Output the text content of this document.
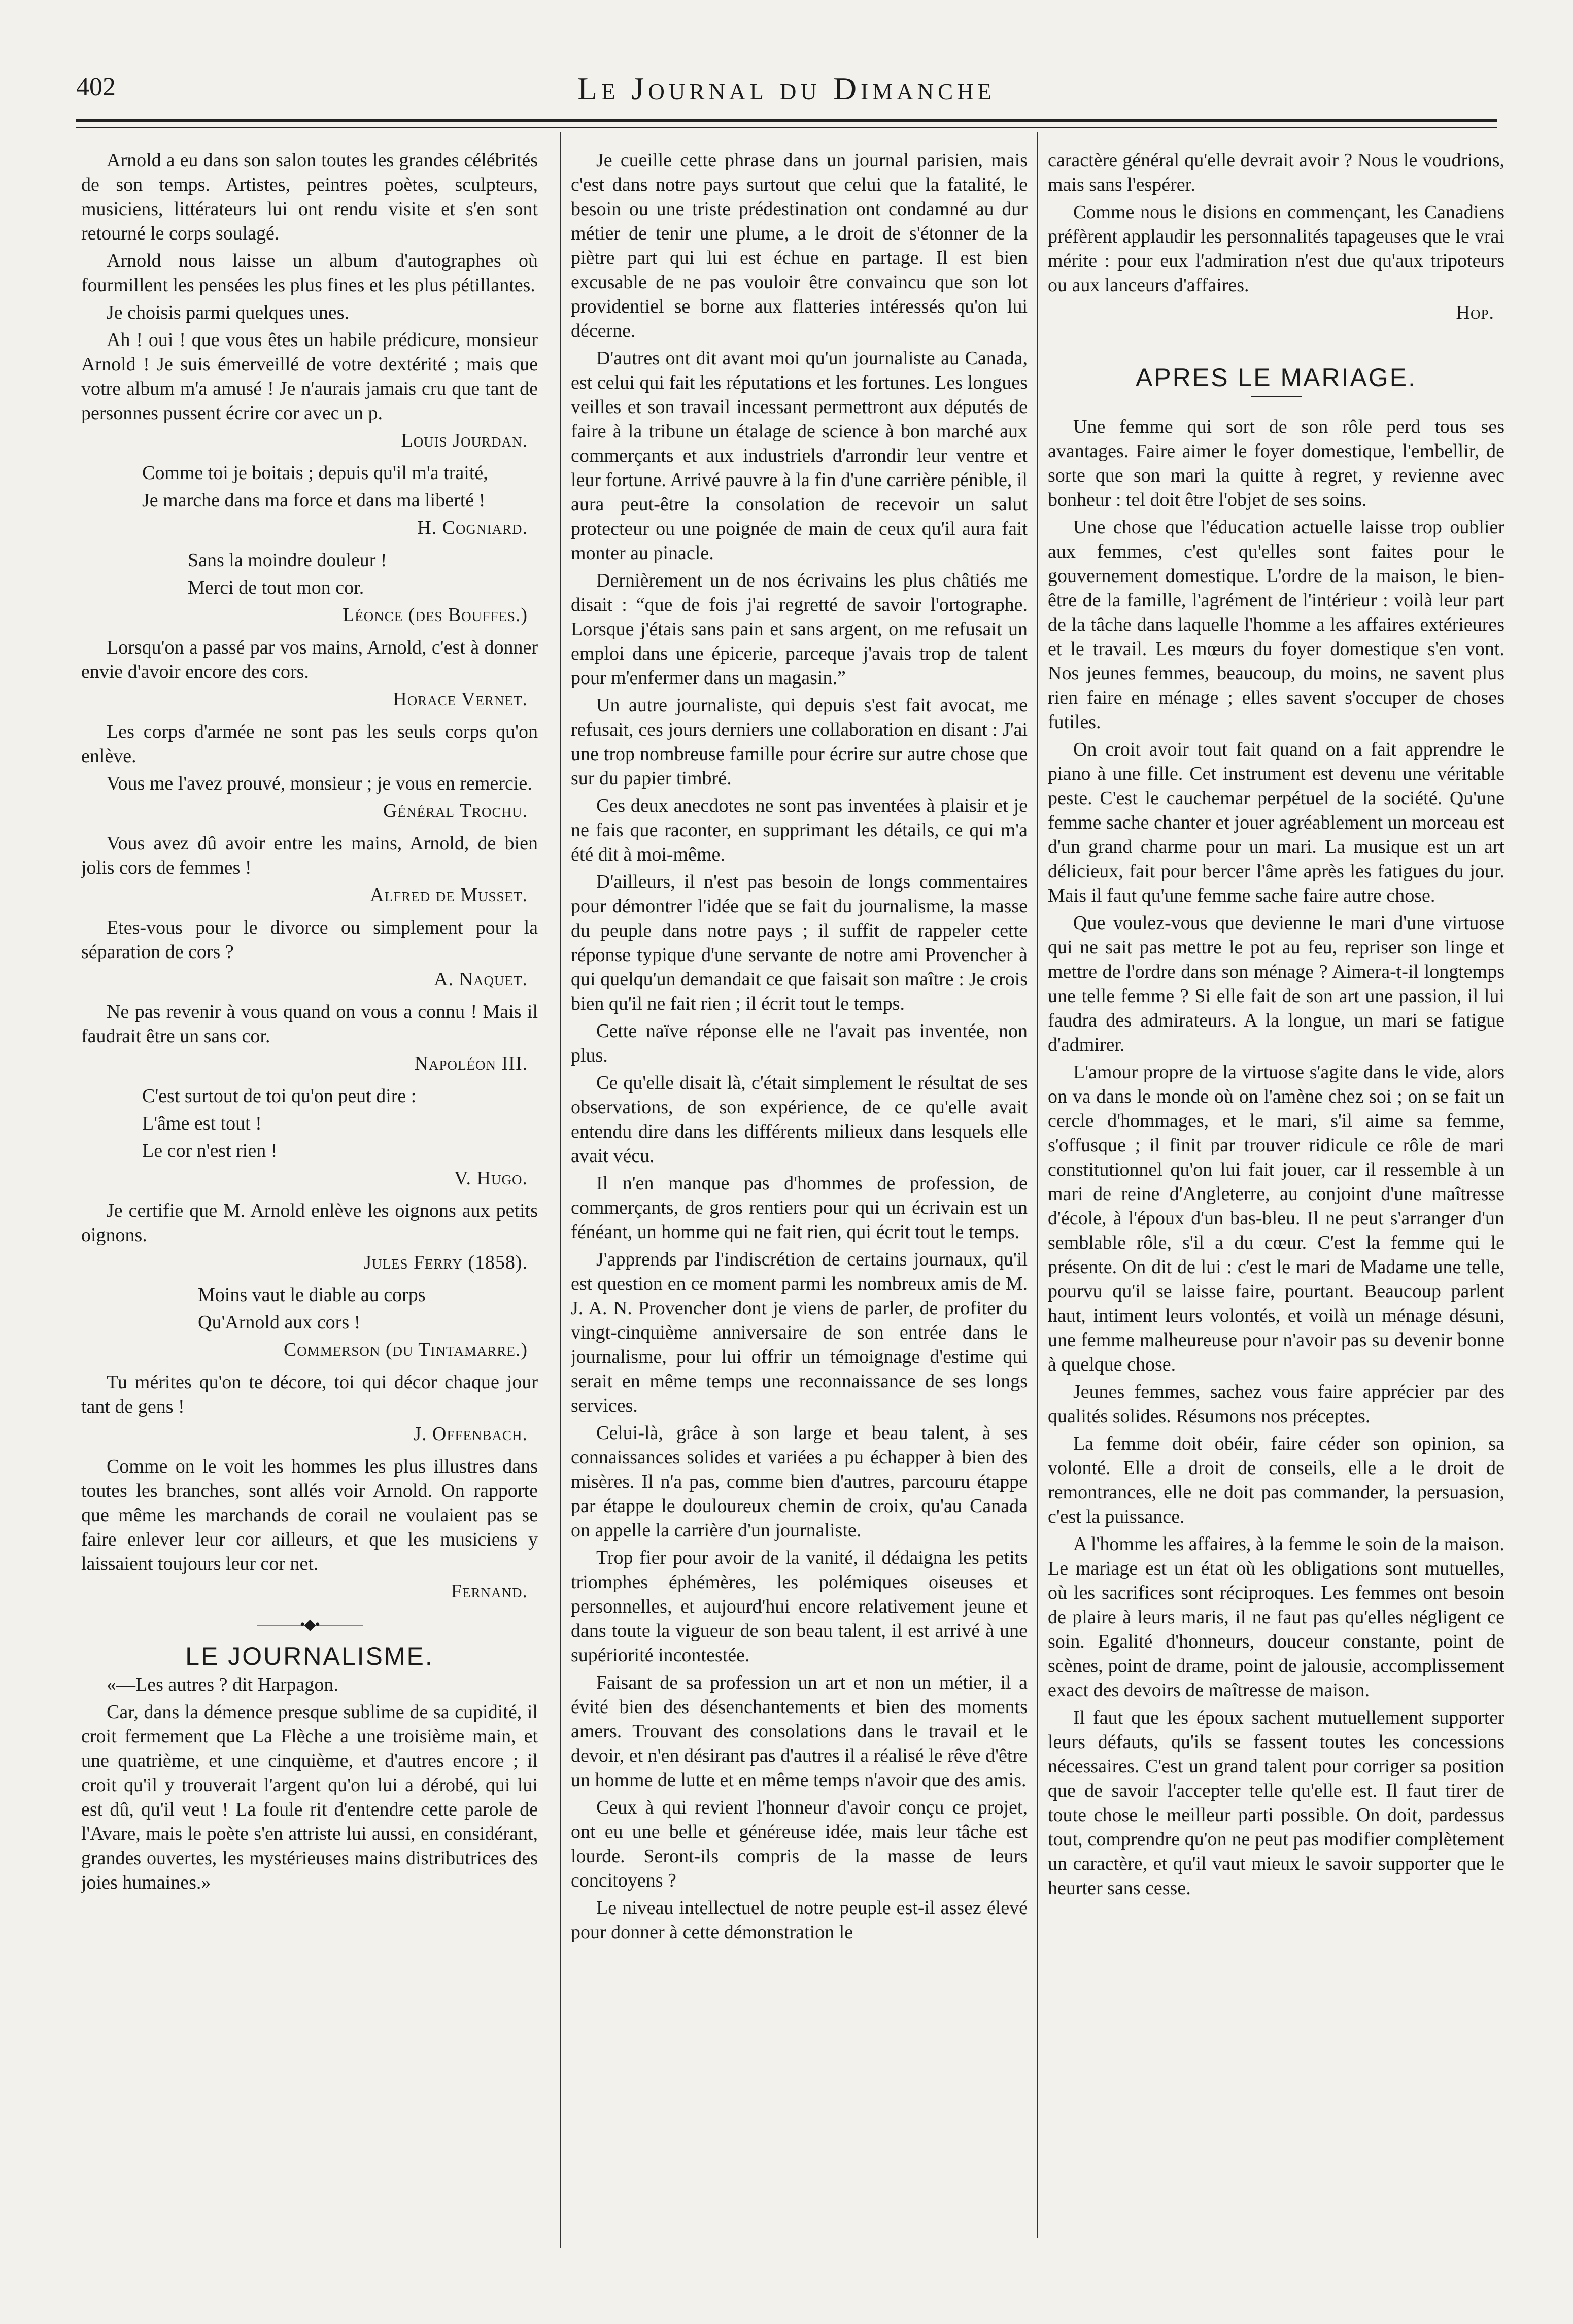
402	Le Journal du Dimanche

Arnold a eu dans son salon toutes les grandes célébrités de son temps. Artistes, peintres poètes, sculpteurs, musiciens, littérateurs lui ont rendu visite et s'en sont retourné le corps soulagé.

Arnold nous laisse un album d'autographes où fourmillent les pensées les plus fines et les plus pétillantes.

Je choisis parmi quelques unes.

Ah ! oui ! que vous êtes un habile prédicure, monsieur Arnold ! Je suis émerveillé de votre dextérité ; mais que votre album m'a amusé ! Je n'aurais jamais cru que tant de personnes pussent écrire cor avec un p.

Louis Jourdan.

Comme toi je boitais ; depuis qu'il m'a traité,

Je marche dans ma force et dans ma liberté !

H. Cogniard.

Sans la moindre douleur !

Merci de tout mon cor.

Léonce (des Bouffes.)

Lorsqu'on a passé par vos mains, Arnold, c'est à donner envie d'avoir encore des cors.

Horace Vernet.

Les corps d'armée ne sont pas les seuls corps qu'on enlève.

Vous me l'avez prouvé, monsieur ; je vous en remercie.

Général Trochu.

Vous avez dû avoir entre les mains, Arnold, de bien jolis cors de femmes !

Alfred de Musset.

Etes-vous pour le divorce ou simplement pour la séparation de cors ?

A. Naquet.

Ne pas revenir à vous quand on vous a connu ! Mais il faudrait être un sans cor.

Napoléon III.

C'est surtout de toi qu'on peut dire :

L'âme est tout !

Le cor n'est rien !

V. Hugo.

Je certifie que M. Arnold enlève les oignons aux petits oignons.

Jules Ferry (1858).

Moins vaut le diable au corps

Qu'Arnold aux cors !

Commerson (du Tintamarre.)

Tu mérites qu'on te décore, toi qui décor chaque jour tant de gens !

J. Offenbach.

Comme on le voit les hommes les plus illustres dans toutes les branches, sont allés voir Arnold. On rapporte que même les marchands de corail ne voulaient pas se faire enlever leur cor ailleurs, et que les musiciens y laissaient toujours leur cor net.

Fernand.
———•◆•———
LE JOURNALISME.

«—Les autres ? dit Harpagon.

Car, dans la démence presque sublime de sa cupidité, il croit fermement que La Flèche a une troisième main, et une quatrième, et une cinquième, et d'autres encore ; il croit qu'il y trouverait l'argent qu'on lui a dérobé, qui lui est dû, qu'il veut ! La foule rit d'entendre cette parole de l'Avare, mais le poète s'en attriste lui aussi, en considérant, grandes ouvertes, les mystérieuses mains distributrices des joies humaines.»

Je cueille cette phrase dans un journal parisien, mais c'est dans notre pays surtout que celui que la fatalité, le besoin ou une triste prédestination ont condamné au dur métier de tenir une plume, a le droit de s'étonner de la piètre part qui lui est échue en partage. Il est bien excusable de ne pas vouloir être convaincu que son lot providentiel se borne aux flatteries intéressés qu'on lui décerne.

D'autres ont dit avant moi qu'un journaliste au Canada, est celui qui fait les réputations et les fortunes. Les longues veilles et son travail incessant permettront aux députés de faire à la tribune un étalage de science à bon marché aux commerçants et aux industriels d'arrondir leur ventre et leur fortune. Arrivé pauvre à la fin d'une carrière pénible, il aura peut-être la consolation de recevoir un salut protecteur ou une poignée de main de ceux qu'il aura fait monter au pinacle.

Dernièrement un de nos écrivains les plus châtiés me disait : “que de fois j'ai regretté de savoir l'ortographe. Lorsque j'étais sans pain et sans argent, on me refusait un emploi dans une épicerie, parceque j'avais trop de talent pour m'enfermer dans un magasin.”

Un autre journaliste, qui depuis s'est fait avocat, me refusait, ces jours derniers une collaboration en disant : J'ai une trop nombreuse famille pour écrire sur autre chose que sur du papier timbré.

Ces deux anecdotes ne sont pas inventées à plaisir et je ne fais que raconter, en supprimant les détails, ce qui m'a été dit à moi-même.

D'ailleurs, il n'est pas besoin de longs commentaires pour démontrer l'idée que se fait du journalisme, la masse du peuple dans notre pays ; il suffit de rappeler cette réponse typique d'une servante de notre ami Provencher à qui quelqu'un demandait ce que faisait son maître : Je crois bien qu'il ne fait rien ; il écrit tout le temps.

Cette naïve réponse elle ne l'avait pas inventée, non plus.

Ce qu'elle disait là, c'était simplement le résultat de ses observations, de son expérience, de ce qu'elle avait entendu dire dans les différents milieux dans lesquels elle avait vécu.

Il n'en manque pas d'hommes de profession, de commerçants, de gros rentiers pour qui un écrivain est un fénéant, un homme qui ne fait rien, qui écrit tout le temps.

J'apprends par l'indiscrétion de certains journaux, qu'il est question en ce moment parmi les nombreux amis de M. J. A. N. Provencher dont je viens de parler, de profiter du vingt-cinquième anniversaire de son entrée dans le journalisme, pour lui offrir un témoignage d'estime qui serait en même temps une reconnaissance de ses longs services.

Celui-là, grâce à son large et beau talent, à ses connaissances solides et variées a pu échapper à bien des misères. Il n'a pas, comme bien d'autres, parcouru étappe par étappe le douloureux chemin de croix, qu'au Canada on appelle la carrière d'un journaliste.

Trop fier pour avoir de la vanité, il dédaigna les petits triomphes éphémères, les polémiques oiseuses et personnelles, et aujourd'hui encore relativement jeune et dans toute la vigueur de son beau talent, il est arrivé à une supériorité incontestée.

Faisant de sa profession un art et non un métier, il a évité bien des désenchantements et bien des moments amers. Trouvant des consolations dans le travail et le devoir, et n'en désirant pas d'autres il a réalisé le rêve d'être un homme de lutte et en même temps n'avoir que des amis.

Ceux à qui revient l'honneur d'avoir conçu ce projet, ont eu une belle et généreuse idée, mais leur tâche est lourde. Seront-ils compris de la masse de leurs concitoyens ?

Le niveau intellectuel de notre peuple est-il assez élevé pour donner à cette démonstration le

caractère général qu'elle devrait avoir ? Nous le voudrions, mais sans l'espérer.

Comme nous le disions en commençant, les Canadiens préfèrent applaudir les personnalités tapageuses que le vrai mérite : pour eux l'admiration n'est due qu'aux tripoteurs ou aux lanceurs d'affaires.

Hop.
APRES LE MARIAGE.

Une femme qui sort de son rôle perd tous ses avantages. Faire aimer le foyer domestique, l'embellir, de sorte que son mari la quitte à regret, y revienne avec bonheur : tel doit être l'objet de ses soins.

Une chose que l'éducation actuelle laisse trop oublier aux femmes, c'est qu'elles sont faites pour le gouvernement domestique. L'ordre de la maison, le bien-être de la famille, l'agrément de l'intérieur : voilà leur part de la tâche dans laquelle l'homme a les affaires extérieures et le travail. Les mœurs du foyer domestique s'en vont. Nos jeunes femmes, beaucoup, du moins, ne savent plus rien faire en ménage ; elles savent s'occuper de choses futiles.

On croit avoir tout fait quand on a fait apprendre le piano à une fille. Cet instrument est devenu une véritable peste. C'est le cauchemar perpétuel de la société. Qu'une femme sache chanter et jouer agréablement un morceau est d'un grand charme pour un mari. La musique est un art délicieux, fait pour bercer l'âme après les fatigues du jour. Mais il faut qu'une femme sache faire autre chose.

Que voulez-vous que devienne le mari d'une virtuose qui ne sait pas mettre le pot au feu, repriser son linge et mettre de l'ordre dans son ménage ? Aimera-t-il longtemps une telle femme ? Si elle fait de son art une passion, il lui faudra des admirateurs. A la longue, un mari se fatigue d'admirer.

L'amour propre de la virtuose s'agite dans le vide, alors on va dans le monde où on l'amène chez soi ; on se fait un cercle d'hommages, et le mari, s'il aime sa femme, s'offusque ; il finit par trouver ridicule ce rôle de mari constitutionnel qu'on lui fait jouer, car il ressemble à un mari de reine d'Angleterre, au conjoint d'une maîtresse d'école, à l'époux d'un bas-bleu. Il ne peut s'arranger d'un semblable rôle, s'il a du cœur. C'est la femme qui le présente. On dit de lui : c'est le mari de Madame une telle, pourvu qu'il se laisse faire, pourtant. Beaucoup parlent haut, intiment leurs volontés, et voilà un ménage désuni, une femme malheureuse pour n'avoir pas su devenir bonne à quelque chose.

Jeunes femmes, sachez vous faire apprécier par des qualités solides. Résumons nos préceptes.

La femme doit obéir, faire céder son opinion, sa volonté. Elle a droit de conseils, elle a le droit de remontrances, elle ne doit pas commander, la persuasion, c'est la puissance.

A l'homme les affaires, à la femme le soin de la maison. Le mariage est un état où les obligations sont mutuelles, où les sacrifices sont réciproques. Les femmes ont besoin de plaire à leurs maris, il ne faut pas qu'elles négligent ce soin. Egalité d'honneurs, douceur constante, point de scènes, point de drame, point de jalousie, accomplissement exact des devoirs de maîtresse de maison.

Il faut que les époux sachent mutuellement supporter leurs défauts, qu'ils se fassent toutes les concessions nécessaires. C'est un grand talent pour corriger sa position que de savoir l'accepter telle qu'elle est. Il faut tirer de toute chose le meilleur parti possible. On doit, pardessus tout, comprendre qu'on ne peut pas modifier complètement un caractère, et qu'il vaut mieux le savoir supporter que le heurter sans cesse.
